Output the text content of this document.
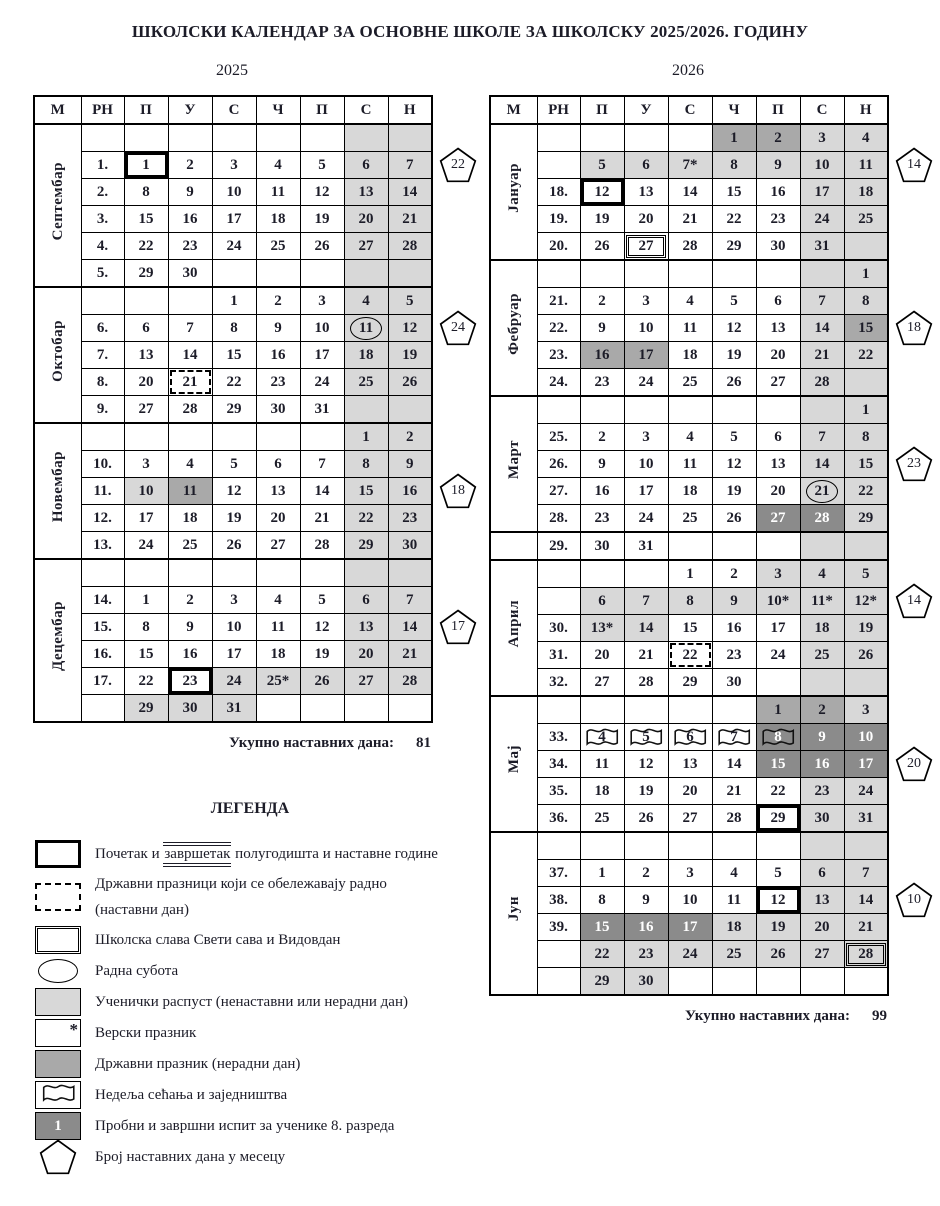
ШКОЛСКИ КАЛЕНДАР ЗА ОСНОВНЕ ШКОЛЕ ЗА ШКОЛСКУ 2025/2026. ГОДИНУ
2025	2026
М	РН	П	У	С	Ч	П	С	Н
Септембар								
	1.	1	2	3	4	5	6	7
	2.	8	9	10	11	12	13	14
	3.	15	16	17	18	19	20	21
	4.	22	23	24	25	26	27	28
	5.	29	30					
Октобар				1	2	3	4	5
	6.	6	7	8	9	10	11	12
	7.	13	14	15	16	17	18	19
	8.	20	21	22	23	24	25	26
	9.	27	28	29	30	31		
Новембар							1	2
	10.	3	4	5	6	7	8	9
	11.	10	11	12	13	14	15	16
	12.	17	18	19	20	21	22	23
	13.	24	25	26	27	28	29	30
Децембар								
	14.	1	2	3	4	5	6	7
	15.	8	9	10	11	12	13	14
	16.	15	16	17	18	19	20	21
	17.	22	23	24	25*	26	27	28
		29	30	31				
Укупно наставних дана: 81
22
24
18
17
М	РН	П	У	С	Ч	П	С	Н
Јануар					1	2	3	4
		5	6	7*	8	9	10	11
	18.	12	13	14	15	16	17	18
	19.	19	20	21	22	23	24	25
	20.	26	27	28	29	30	31	
Фебруар								1
	21.	2	3	4	5	6	7	8
	22.	9	10	11	12	13	14	15
	23.	16	17	18	19	20	21	22
	24.	23	24	25	26	27	28	
Март								1
	25.	2	3	4	5	6	7	8
	26.	9	10	11	12	13	14	15
	27.	16	17	18	19	20	21	22
	28.	23	24	25	26	27	28	29
	29.	30	31					
Април				1	2	3	4	5
		6	7	8	9	10*	11*	12*
	30.	13*	14	15	16	17	18	19
	31.	20	21	22	23	24	25	26
	32.	27	28	29	30			
Мај						1	2	3
	33.	4	5	6	7	8	9	10
	34.	11	12	13	14	15	16	17
	35.	18	19	20	21	22	23	24
	36.	25	26	27	28	29	30	31
Јун								
	37.	1	2	3	4	5	6	7
	38.	8	9	10	11	12	13	14
	39.	15	16	17	18	19	20	21
		22	23	24	25	26	27	28

		29	30					
Укупно наставних дана: 99
14
18
23
14
20
10
ЛЕГЕНДА
Почетак и завршетак полугодишта и наставне године
Државни празници који се обележавају радно
(наставни дан)
Школска слава Свети сава и Видовдан
Радна субота
Ученички распуст (ненаставни или нерадни дан)
* Верски празник
Државни празник (нерадни дан)
Недеља сећања и заједништва
1 Пробни и завршни испит за ученике 8. разреда
Број наставних дана у месецу
